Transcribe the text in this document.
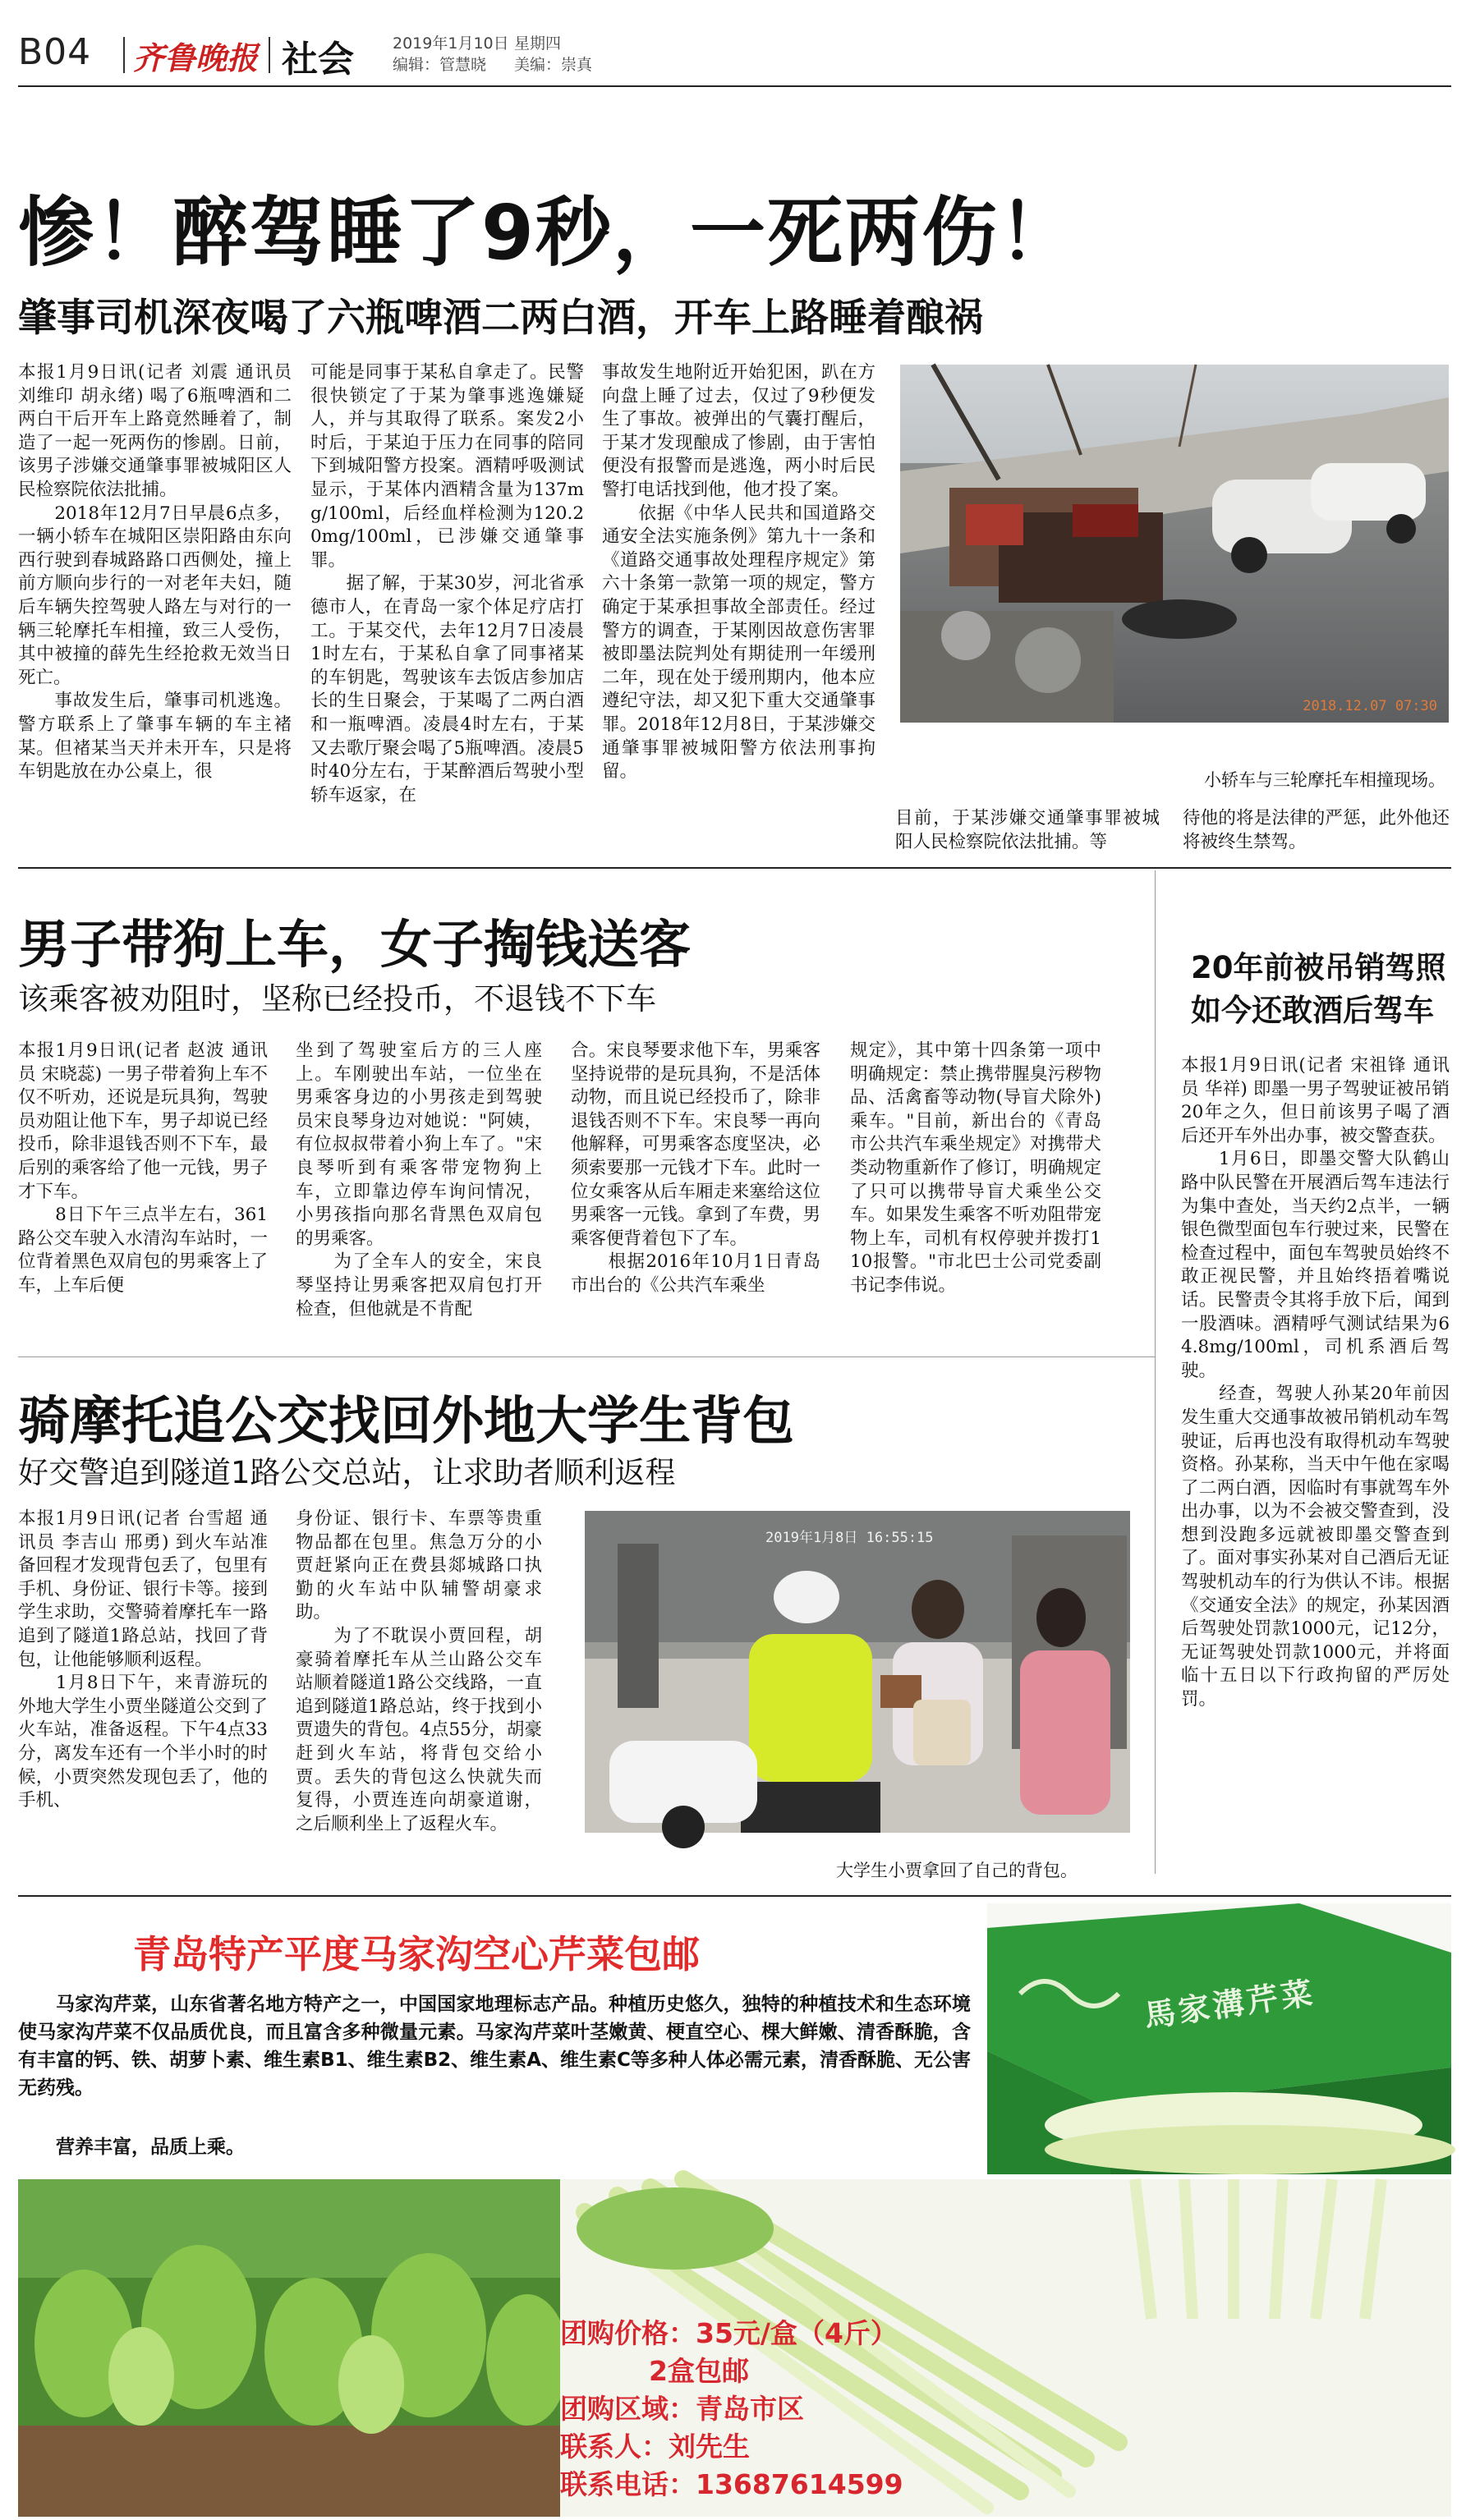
B04 齐鲁晚报 社会 2019年1月10日 星期四
编辑：管慧晓 美编：崇真
惨！醉驾睡了9秒，一死两伤！
肇事司机深夜喝了六瓶啤酒二两白酒，开车上路睡着酿祸
本报1月9日讯(记者 刘震 通讯员 刘维印 胡永绪) 喝了6瓶啤酒和二两白干后开车上路竟然睡着了，制造了一起一死两伤的惨剧。日前，该男子涉嫌交通肇事罪被城阳区人民检察院依法批捕。
　　2018年12月7日早晨6点多，一辆小轿车在城阳区崇阳路由东向西行驶到春城路路口西侧处，撞上前方顺向步行的一对老年夫妇，随后车辆失控驾驶人路左与对行的一辆三轮摩托车相撞，致三人受伤，其中被撞的薛先生经抢救无效当日死亡。
　　事故发生后，肇事司机逃逸。警方联系上了肇事车辆的车主褚某。但褚某当天并未开车，只是将车钥匙放在办公桌上，很
可能是同事于某私自拿走了。民警很快锁定了于某为肇事逃逸嫌疑人，并与其取得了联系。案发2小时后，于某迫于压力在同事的陪同下到城阳警方投案。酒精呼吸测试显示，于某体内酒精含量为137mg/100ml，后经血样检测为120.20mg/100ml，已涉嫌交通肇事罪。
　　据了解，于某30岁，河北省承德市人，在青岛一家个体足疗店打工。于某交代，去年12月7日凌晨1时左右，于某私自拿了同事褚某的车钥匙，驾驶该车去饭店参加店长的生日聚会，于某喝了二两白酒和一瓶啤酒。凌晨4时左右，于某又去歌厅聚会喝了5瓶啤酒。凌晨5时40分左右，于某醉酒后驾驶小型轿车返家，在
事故发生地附近开始犯困，趴在方向盘上睡了过去，仅过了9秒便发生了事故。被弹出的气囊打醒后，于某才发现酿成了惨剧，由于害怕便没有报警而是逃逸，两小时后民警打电话找到他，他才投了案。
　　依据《中华人民共和国道路交通安全法实施条例》第九十一条和《道路交通事故处理程序规定》第六十条第一款第一项的规定，警方确定于某承担事故全部责任。经过警方的调查，于某刚因故意伤害罪被即墨法院判处有期徒刑一年缓刑二年，现在处于缓刑期内，他本应遵纪守法，却又犯下重大交通肇事罪。2018年12月8日，于某涉嫌交通肇事罪被城阳警方依法刑事拘留。
目前，于某涉嫌交通肇事罪被城阳人民检察院依法批捕。等
待他的将是法律的严惩，此外他还将被终生禁驾。
2018.12.07 07:30
小轿车与三轮摩托车相撞现场。
男子带狗上车，女子掏钱送客
该乘客被劝阻时，坚称已经投币，不退钱不下车
本报1月9日讯(记者 赵波 通讯员 宋晓蕊) 一男子带着狗上车不仅不听劝，还说是玩具狗，驾驶员劝阻让他下车，男子却说已经投币，除非退钱否则不下车，最后别的乘客给了他一元钱，男子才下车。
　　8日下午三点半左右，361路公交车驶入水清沟车站时，一位背着黑色双肩包的男乘客上了车，上车后便
坐到了驾驶室后方的三人座上。车刚驶出车站，一位坐在男乘客身边的小男孩走到驾驶员宋良琴身边对她说："阿姨，有位叔叔带着小狗上车了。"宋良琴听到有乘客带宠物狗上车，立即靠边停车询问情况，小男孩指向那名背黑色双肩包的男乘客。
　　为了全车人的安全，宋良琴坚持让男乘客把双肩包打开检查，但他就是不肯配
合。宋良琴要求他下车，男乘客坚持说带的是玩具狗，不是活体动物，而且说已经投币了，除非退钱否则不下车。宋良琴一再向他解释，可男乘客态度坚决，必须索要那一元钱才下车。此时一位女乘客从后车厢走来塞给这位男乘客一元钱。拿到了车费，男乘客便背着包下了车。
　　根据2016年10月1日青岛市出台的《公共汽车乘坐
规定》，其中第十四条第一项中明确规定：禁止携带腥臭污秽物品、活禽畜等动物(导盲犬除外)乘车。"目前，新出台的《青岛市公共汽车乘坐规定》对携带犬类动物重新作了修订，明确规定了只可以携带导盲犬乘坐公交车。如果发生乘客不听劝阻带宠物上车，司机有权停驶并拨打110报警。"市北巴士公司党委副书记李伟说。
20年前被吊销驾照
如今还敢酒后驾车
本报1月9日讯(记者 宋祖锋 通讯员 华祥) 即墨一男子驾驶证被吊销20年之久，但日前该男子喝了酒后还开车外出办事，被交警查获。
　　1月6日，即墨交警大队鹤山路中队民警在开展酒后驾车违法行为集中查处，当天约2点半，一辆银色微型面包车行驶过来，民警在检查过程中，面包车驾驶员始终不敢正视民警，并且始终捂着嘴说话。民警责令其将手放下后，闻到一股酒味。酒精呼气测试结果为64.8mg/100ml，司机系酒后驾驶。
　　经查，驾驶人孙某20年前因发生重大交通事故被吊销机动车驾驶证，后再也没有取得机动车驾驶资格。孙某称，当天中午他在家喝了二两白酒，因临时有事就驾车外出办事，以为不会被交警查到，没想到没跑多远就被即墨交警查到了。面对事实孙某对自己酒后无证驾驶机动车的行为供认不讳。根据《交通安全法》的规定，孙某因酒后驾驶处罚款1000元，记12分，无证驾驶处罚款1000元，并将面临十五日以下行政拘留的严厉处罚。
骑摩托追公交找回外地大学生背包
好交警追到隧道1路公交总站，让求助者顺利返程
本报1月9日讯(记者 台雪超 通讯员 李吉山 邢勇) 到火车站准备回程才发现背包丢了，包里有手机、身份证、银行卡等。接到学生求助，交警骑着摩托车一路追到了隧道1路总站，找回了背包，让他能够顺利返程。
　　1月8日下午，来青游玩的外地大学生小贾坐隧道公交到了火车站，准备返程。下午4点33分，离发车还有一个半小时的时候，小贾突然发现包丢了，他的手机、
身份证、银行卡、车票等贵重物品都在包里。焦急万分的小贾赶紧向正在费县郯城路口执勤的火车站中队辅警胡豪求助。
　　为了不耽误小贾回程，胡豪骑着摩托车从兰山路公交车站顺着隧道1路公交线路，一直追到隧道1路总站，终于找到小贾遗失的背包。4点55分，胡豪赶到火车站，将背包交给小贾。丢失的背包这么快就失而复得，小贾连连向胡豪道谢，之后顺利坐上了返程火车。
2019年1月8日 16:55:15
大学生小贾拿回了自己的背包。
馬家溝芹菜
青岛特产平度马家沟空心芹菜包邮
马家沟芹菜，山东省著名地方特产之一，中国国家地理标志产品。种植历史悠久，独特的种植技术和生态环境使马家沟芹菜不仅品质优良，而且富含多种微量元素。马家沟芹菜叶茎嫩黄、梗直空心、棵大鲜嫩、清香酥脆，含有丰富的钙、铁、胡萝卜素、维生素B1、维生素B2、维生素A、维生素C等多种人体必需元素，清香酥脆、无公害无药残。
营养丰富，品质上乘。
团购价格：35元/盒（4斤）
2盒包邮
团购区域：青岛市区
联系人：刘先生
联系电话：13687614599
